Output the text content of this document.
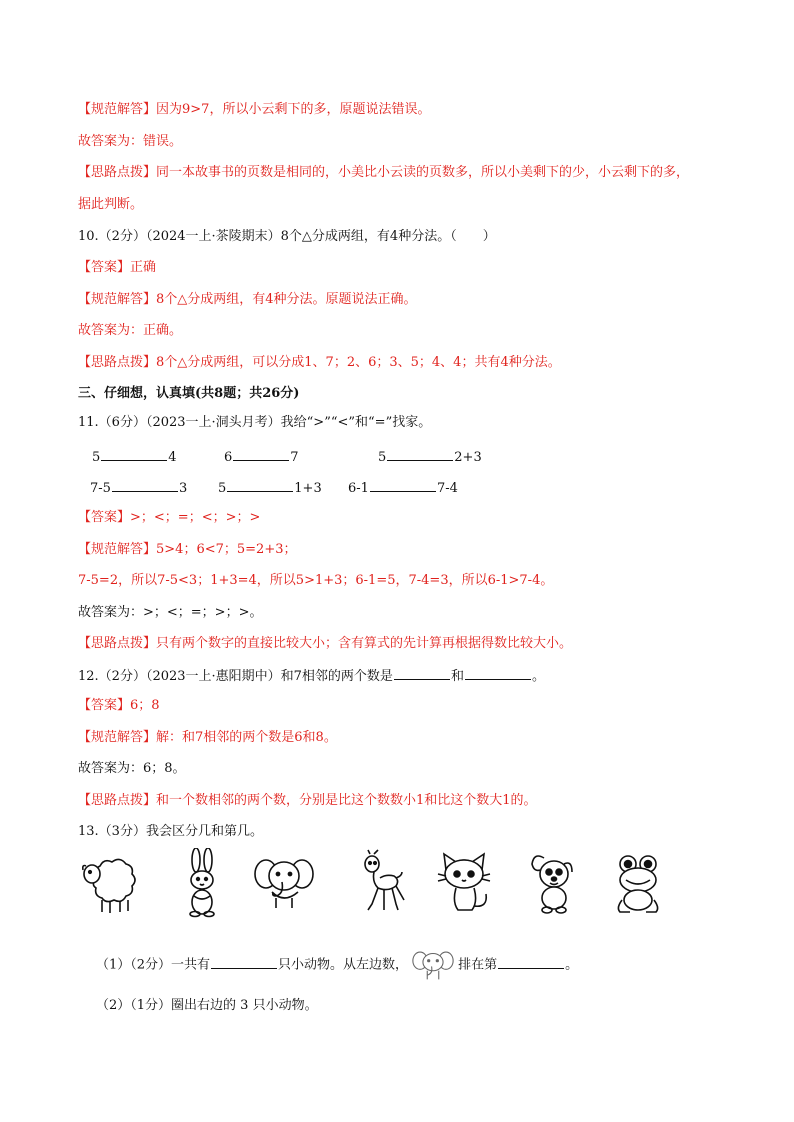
【规范解答】因为9>7，所以小云剩下的多，原题说法错误。
故答案为：错误。
【思路点拨】同一本故事书的页数是相同的，小美比小云读的页数多，所以小美剩下的少，小云剩下的多，
据此判断。
10.（2分）（2024一上·茶陵期末）8个△分成两组，有4种分法。（　　）
【答案】正确
【规范解答】8个△分成两组，有4种分法。原题说法正确。
故答案为：正确。
【思路点拨】8个△分成两组，可以分成1、7；2、6；3、5；4、4；共有4种分法。
三、仔细想，认真填(共8题；共26分)
11.（6分）（2023一上·洞头月考）我给“>”“<”和“=”找家。
5	4	6	7	5	2+3
7-5	3 5	1+3 6-1	7-4
【答案】>；<；=；<；>；>
【规范解答】5>4；6<7；5=2+3；
7-5=2，所以7-5<3；1+3=4，所以5>1+3；6-1=5，7-4=3，所以6-1>7-4。
故答案为：>；<；=；>；>。
【思路点拨】只有两个数字的直接比较大小；含有算式的先计算再根据得数比较大小。
12.（2分）（2023一上·惠阳期中）和7相邻的两个数是	和	。
【答案】6；8
【规范解答】解：和7相邻的两个数是6和8。
故答案为：6；8。
【思路点拨】和一个数相邻的两个数，分别是比这个数数小1和比这个数大1的。
13.（3分）我会区分几和第几。
（1）（2分）一共有	只小动物。从左边数，	排在第	。
（2）（1分）圈出右边的 3 只小动物。
